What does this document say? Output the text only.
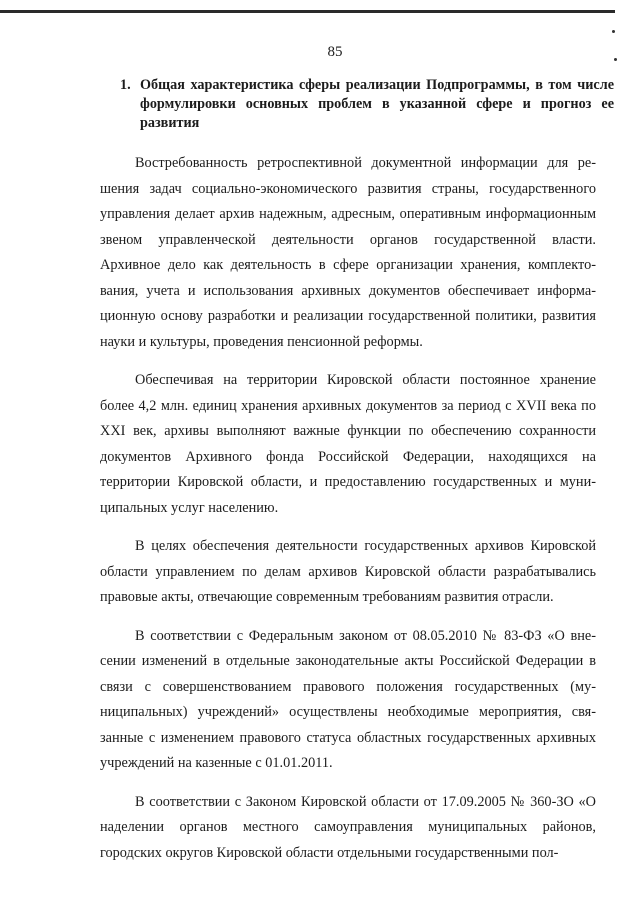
85
1. Общая характеристика сферы реализации Подпрограммы, в том числе формулировки основных проблем в указанной сфере и прогноз ее развития

Востребованность ретроспективной документной информации для решения задач социально-экономического развития страны, государственного управления делает архив надежным, адресным, оперативным информационным звеном управленческой деятельности органов государственной власти. Архивное дело как деятельность в сфере организации хранения, комплектования, учета и использования архивных документов обеспечивает информационную основу разработки и реализации государственной политики, развития науки и культуры, проведения пенсионной реформы.

Обеспечивая на территории Кировской области постоянное хранение более 4,2 млн. единиц хранения архивных документов за период с XVII века по XXI век, архивы выполняют важные функции по обеспечению сохранности документов Архивного фонда Российской Федерации, находящихся на территории Кировской области, и предоставлению государственных и муниципальных услуг населению.

В целях обеспечения деятельности государственных архивов Кировской области управлением по делам архивов Кировской области разрабатывались правовые акты, отвечающие современным требованиям развития отрасли.

В соответствии с Федеральным законом от 08.05.2010 № 83-ФЗ «О внесении изменений в отдельные законодательные акты Российской Федерации в связи с совершенствованием правового положения государственных (муниципальных) учреждений» осуществлены необходимые мероприятия, связанные с изменением правового статуса областных государственных архивных учреждений на казенные с 01.01.2011.

В соответствии с Законом Кировской области от 17.09.2005 № 360-ЗО «О наделении органов местного самоуправления муниципальных районов, городских округов Кировской области отдельными государственными пол-
